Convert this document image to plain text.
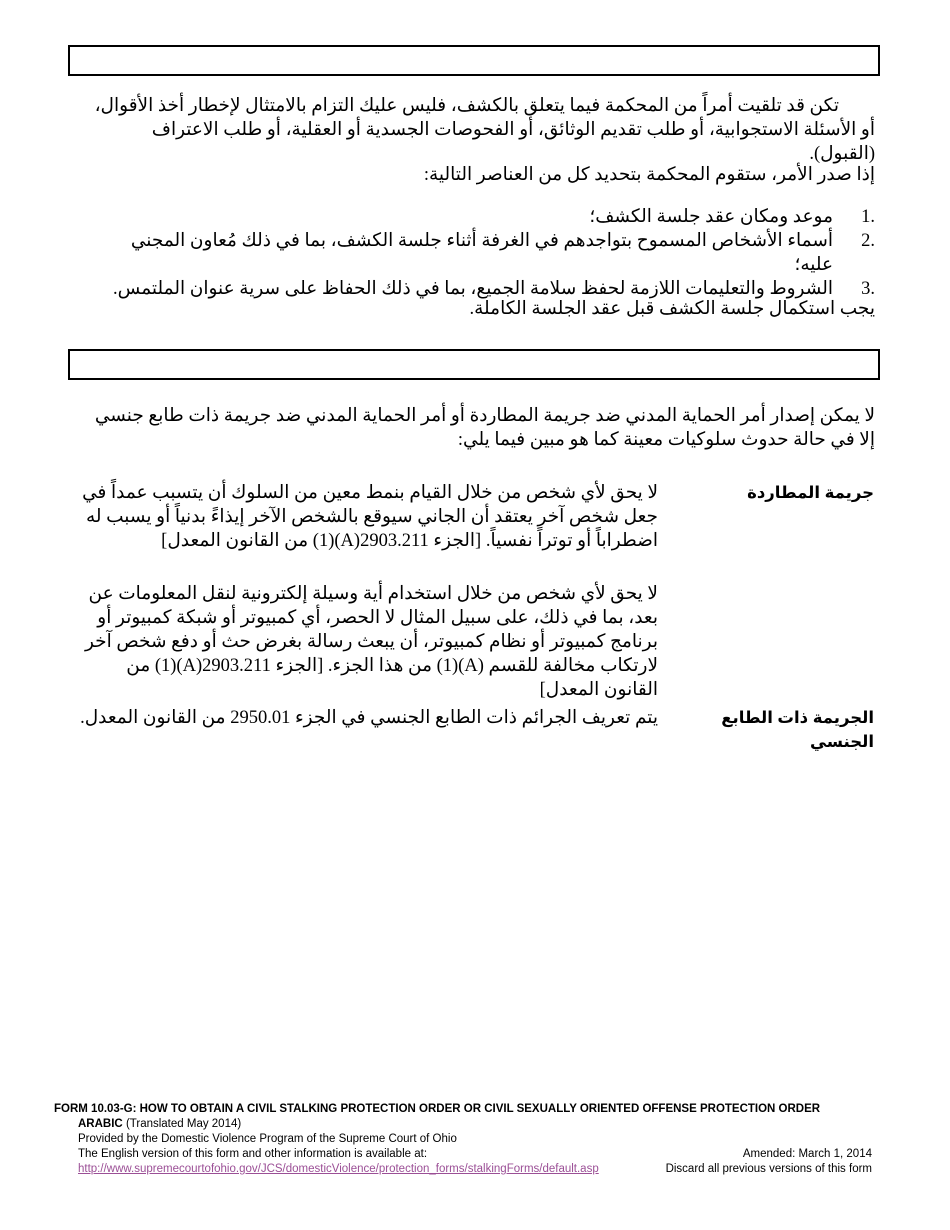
تكن قد تلقيت أمراً من المحكمة فيما يتعلق بالكشف، فليس عليك التزام بالامتثال لإخطار أخذ الأقوال، أو الأسئلة الاستجوابية، أو طلب تقديم الوثائق، أو الفحوصات الجسدية أو العقلية، أو طلب الاعتراف (القبول).
إذا صدر الأمر، ستقوم المحكمة بتحديد كل من العناصر التالية:
1.
موعد ومكان عقد جلسة الكشف؛
2.
أسماء الأشخاص المسموح بتواجدهم في الغرفة أثناء جلسة الكشف، بما في ذلك مُعاون المجني عليه؛
3.
الشروط والتعليمات اللازمة لحفظ سلامة الجميع، بما في ذلك الحفاظ على سرية عنوان الملتمس.
يجب استكمال جلسة الكشف قبل عقد الجلسة الكاملة.
لا يمكن إصدار أمر الحماية المدني ضد جريمة المطاردة أو أمر الحماية المدني ضد جريمة ذات طابع جنسي إلا في حالة حدوث سلوكيات معينة كما هو مبين فيما يلي:
جريمة المطاردة
لا يحق لأي شخص من خلال القيام بنمط معين من السلوك أن يتسبب عمداً في جعل شخص آخر يعتقد أن الجاني سيوقع بالشخص الآخر إيذاءً بدنياً أو يسبب له اضطراباً أو توتراً نفسياً. [الجزء 2903.211(A)(1) من القانون المعدل]
لا يحق لأي شخص من خلال استخدام أية وسيلة إلكترونية لنقل المعلومات عن بعد، بما في ذلك، على سبيل المثال لا الحصر، أي كمبيوتر أو شبكة كمبيوتر أو برنامج كمبيوتر أو نظام كمبيوتر، أن يبعث رسالة بغرض حث أو دفع شخص آخر لارتكاب مخالفة للقسم (A)(1) من هذا الجزء. [الجزء 2903.211(A)(1) من القانون المعدل]
الجريمة ذات الطابع الجنسي
يتم تعريف الجرائم ذات الطابع الجنسي في الجزء 2950.01 من القانون المعدل.
FORM 10.03-G: HOW TO OBTAIN A CIVIL STALKING PROTECTION ORDER OR CIVIL SEXUALLY ORIENTED OFFENSE PROTECTION ORDER
ARABIC (Translated May 2014)
Provided by the Domestic Violence Program of the Supreme Court of Ohio
The English version of this form and other information is available at:	Amended: March 1, 2014
http://www.supremecourtofohio.gov/JCS/domesticViolence/protection_forms/stalkingForms/default.asp	Discard all previous versions of this form
